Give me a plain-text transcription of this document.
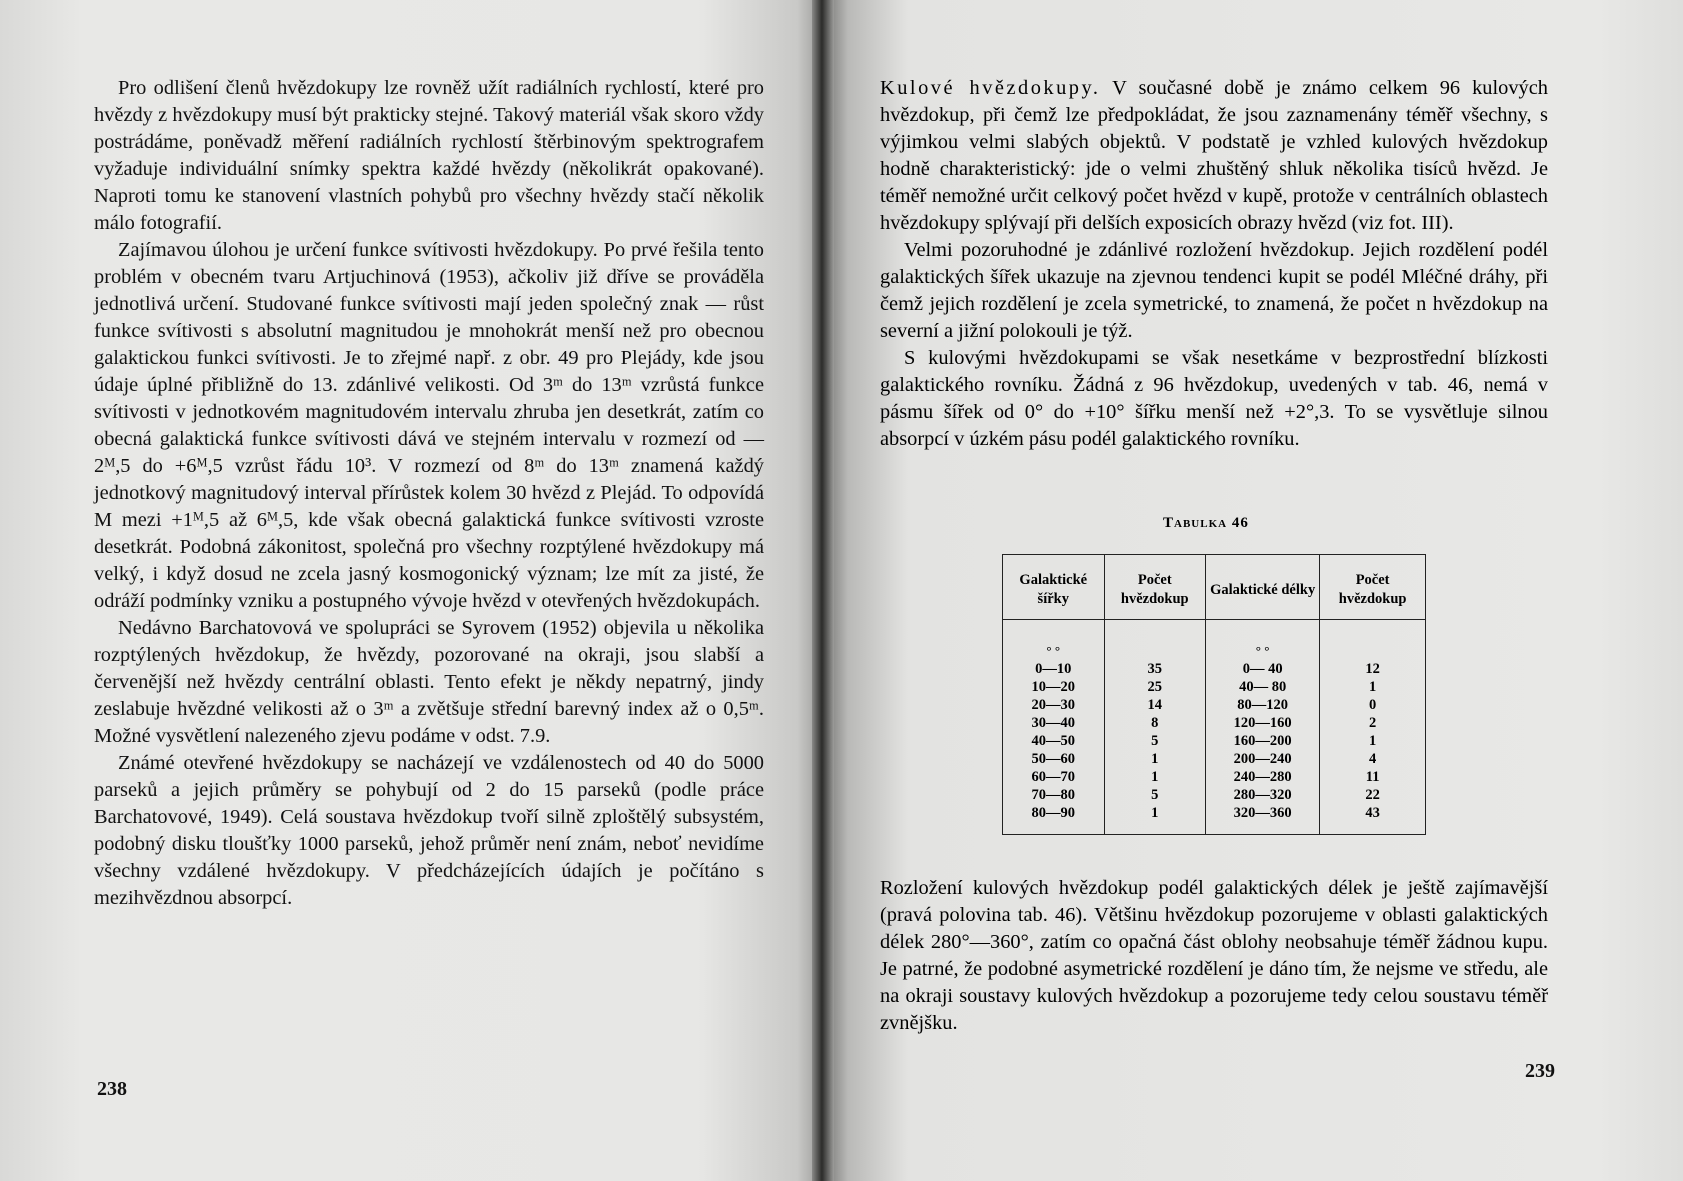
Pro odlišení členů hvězdokupy lze rovněž užít radiálních rychlostí, které pro hvězdy z hvězdokupy musí být prakticky stejné. Takový materiál však skoro vždy postrádáme, poněvadž měření radiálních rychlostí štěrbinovým spektrografem vyžaduje individuální snímky spektra každé hvězdy (několikrát opakované). Naproti tomu ke stanovení vlastních pohybů pro všechny hvězdy stačí několik málo fotografií.

Zajímavou úlohou je určení funkce svítivosti hvězdokupy. Po prvé řešila tento problém v obecném tvaru Artjuchinová (1953), ačkoliv již dříve se prováděla jednotlivá určení. Studované funkce svítivosti mají jeden společný znak — růst funkce svítivosti s absolutní magnitudou je mnohokrát menší než pro obecnou galaktickou funkci svítivosti. Je to zřejmé např. z obr. 49 pro Plejády, kde jsou údaje úplné přibližně do 13. zdánlivé velikosti. Od 3ᵐ do 13ᵐ vzrůstá funkce svítivosti v jednotkovém magnitudovém intervalu zhruba jen desetkrát, zatím co obecná galaktická funkce svítivosti dává ve stejném intervalu v rozmezí od —2ᴹ,5 do +6ᴹ,5 vzrůst řádu 10³. V rozmezí od 8ᵐ do 13ᵐ znamená každý jednotkový magnitudový interval přírůstek kolem 30 hvězd z Plejád. To odpovídá M mezi +1ᴹ,5 až 6ᴹ,5, kde však obecná galaktická funkce svítivosti vzroste desetkrát. Podobná zákonitost, společná pro všechny rozptýlené hvězdokupy má velký, i když dosud ne zcela jasný kosmogonický význam; lze mít za jisté, že odráží podmínky vzniku a postupného vývoje hvězd v otevřených hvězdokupách.

Nedávno Barchatovová ve spolupráci se Syrovem (1952) objevila u několika rozptýlených hvězdokup, že hvězdy, pozorované na okraji, jsou slabší a červenější než hvězdy centrální oblasti. Tento efekt je někdy nepatrný, jindy zeslabuje hvězdné velikosti až o 3ᵐ a zvětšuje střední barevný index až o 0,5ᵐ. Možné vysvětlení nalezeného zjevu podáme v odst. 7.9.

Známé otevřené hvězdokupy se nacházejí ve vzdálenostech od 40 do 5000 parseků a jejich průměry se pohybují od 2 do 15 parseků (podle práce Barchatovové, 1949). Celá soustava hvězdokup tvoří silně zploštělý subsystém, podobný disku tloušťky 1000 parseků, jehož průměr není znám, neboť nevidíme všechny vzdálené hvězdokupy. V předcházejících údajích je počítáno s mezihvězdnou absorpcí.

238
239

Kulové hvězdokupy. V současné době je známo celkem 96 kulových hvězdokup, při čemž lze předpokládat, že jsou zaznamenány téměř všechny, s výjimkou velmi slabých objektů. V podstatě je vzhled kulových hvězdokup hodně charakteristický: jde o velmi zhuštěný shluk několika tisíců hvězd. Je téměř nemožné určit celkový počet hvězd v kupě, protože v centrálních oblastech hvězdokupy splývají při delších exposicích obrazy hvězd (viz fot. III).

Velmi pozoruhodné je zdánlivé rozložení hvězdokup. Jejich rozdělení podél galaktických šířek ukazuje na zjevnou tendenci kupit se podél Mléčné dráhy, při čemž jejich rozdělení je zcela symetrické, to znamená, že počet n hvězdokup na severní a jižní polokouli je týž.

S kulovými hvězdokupami se však nesetkáme v bezprostřední blízkosti galaktického rovníku. Žádná z 96 hvězdokup, uvedených v tab. 46, nemá v pásmu šířek od 0° do +10° šířku menší než +2°,3. To se vysvětluje silnou absorpcí v úzkém pásu podél galaktického rovníku.

Tabulka 46
Galaktické šířky	Počet hvězdokup	Galaktické délky	Počet hvězdokup
° °		° °	
0—10	35	0— 40	12
10—20	25	40— 80	1
20—30	14	80—120	0
30—40	8	120—160	2
40—50	5	160—200	1
50—60	1	200—240	4
60—70	1	240—280	11
70—80	5	280—320	22
80—90	1	320—360	43

Rozložení kulových hvězdokup podél galaktických délek je ještě zajímavější (pravá polovina tab. 46). Většinu hvězdokup pozorujeme v oblasti galaktických délek 280°—360°, zatím co opačná část oblohy neobsahuje téměř žádnou kupu. Je patrné, že podobné asymetrické rozdělení je dáno tím, že nejsme ve středu, ale na okraji soustavy kulových hvězdokup a pozorujeme tedy celou soustavu téměř zvnějšku.
